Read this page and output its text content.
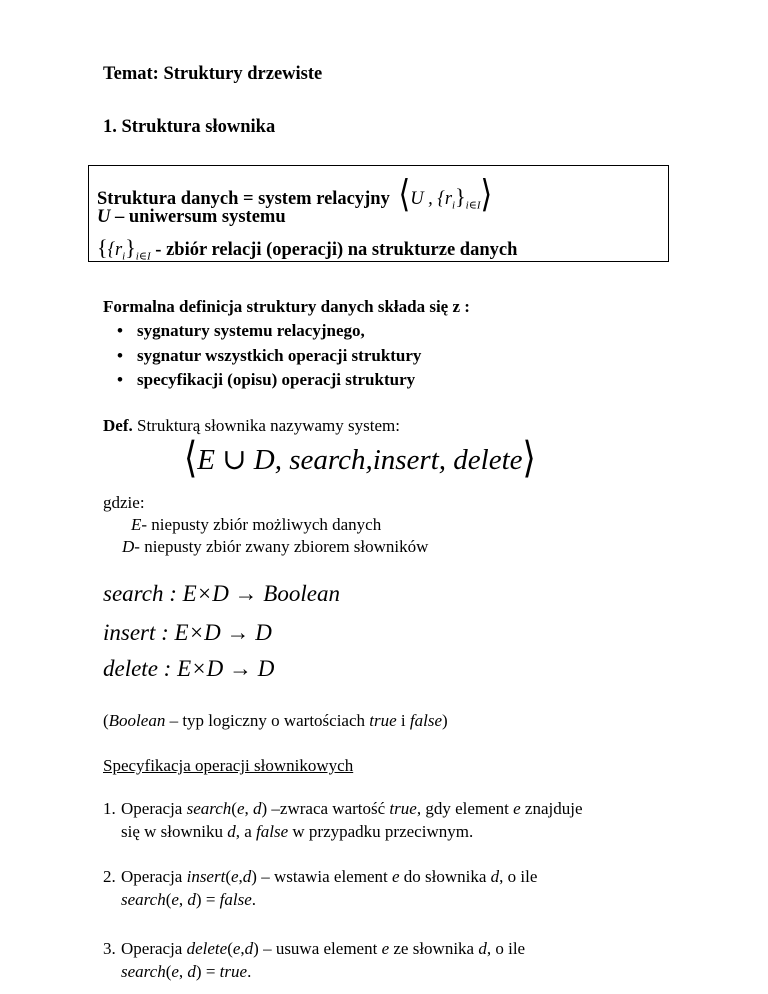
Temat: Struktury drzewiste
1. Struktura słownika
Struktura danych = system relacyjny ⟨U , $\{r_i\}_{i\in I}⟩$
U – uniwersum systemu
{$\{r_i\}_{i\in I}$ - zbiór relacji (operacji) na strukturze danych
Formalna definicja struktury danych składa się z :
• sygnatury systemu relacyjnego,
• sygnatur wszystkich operacji struktury
• specyfikacji (opisu) operacji struktury
Def. Strukturą słownika nazywamy system:
⟨E ∪ D, search,insert, delete⟩
gdzie:
E- niepusty zbiór możliwych danych
D- niepusty zbiór zwany zbiorem słowników
search : E×D → Boolean
insert : E×D → D
delete : E×D → D
(Boolean – typ logiczny o wartościach true i false)
Specyfikacja operacji słownikowych
1. Operacja search(e, d) –zwraca wartość true, gdy element e znajduje
się w słowniku d, a false w przypadku przeciwnym.
2. Operacja insert(e,d) – wstawia element e do słownika d, o ile
search(e, d) = false.
3. Operacja delete(e,d) – usuwa element e ze słownika d, o ile
search(e, d) = true.
